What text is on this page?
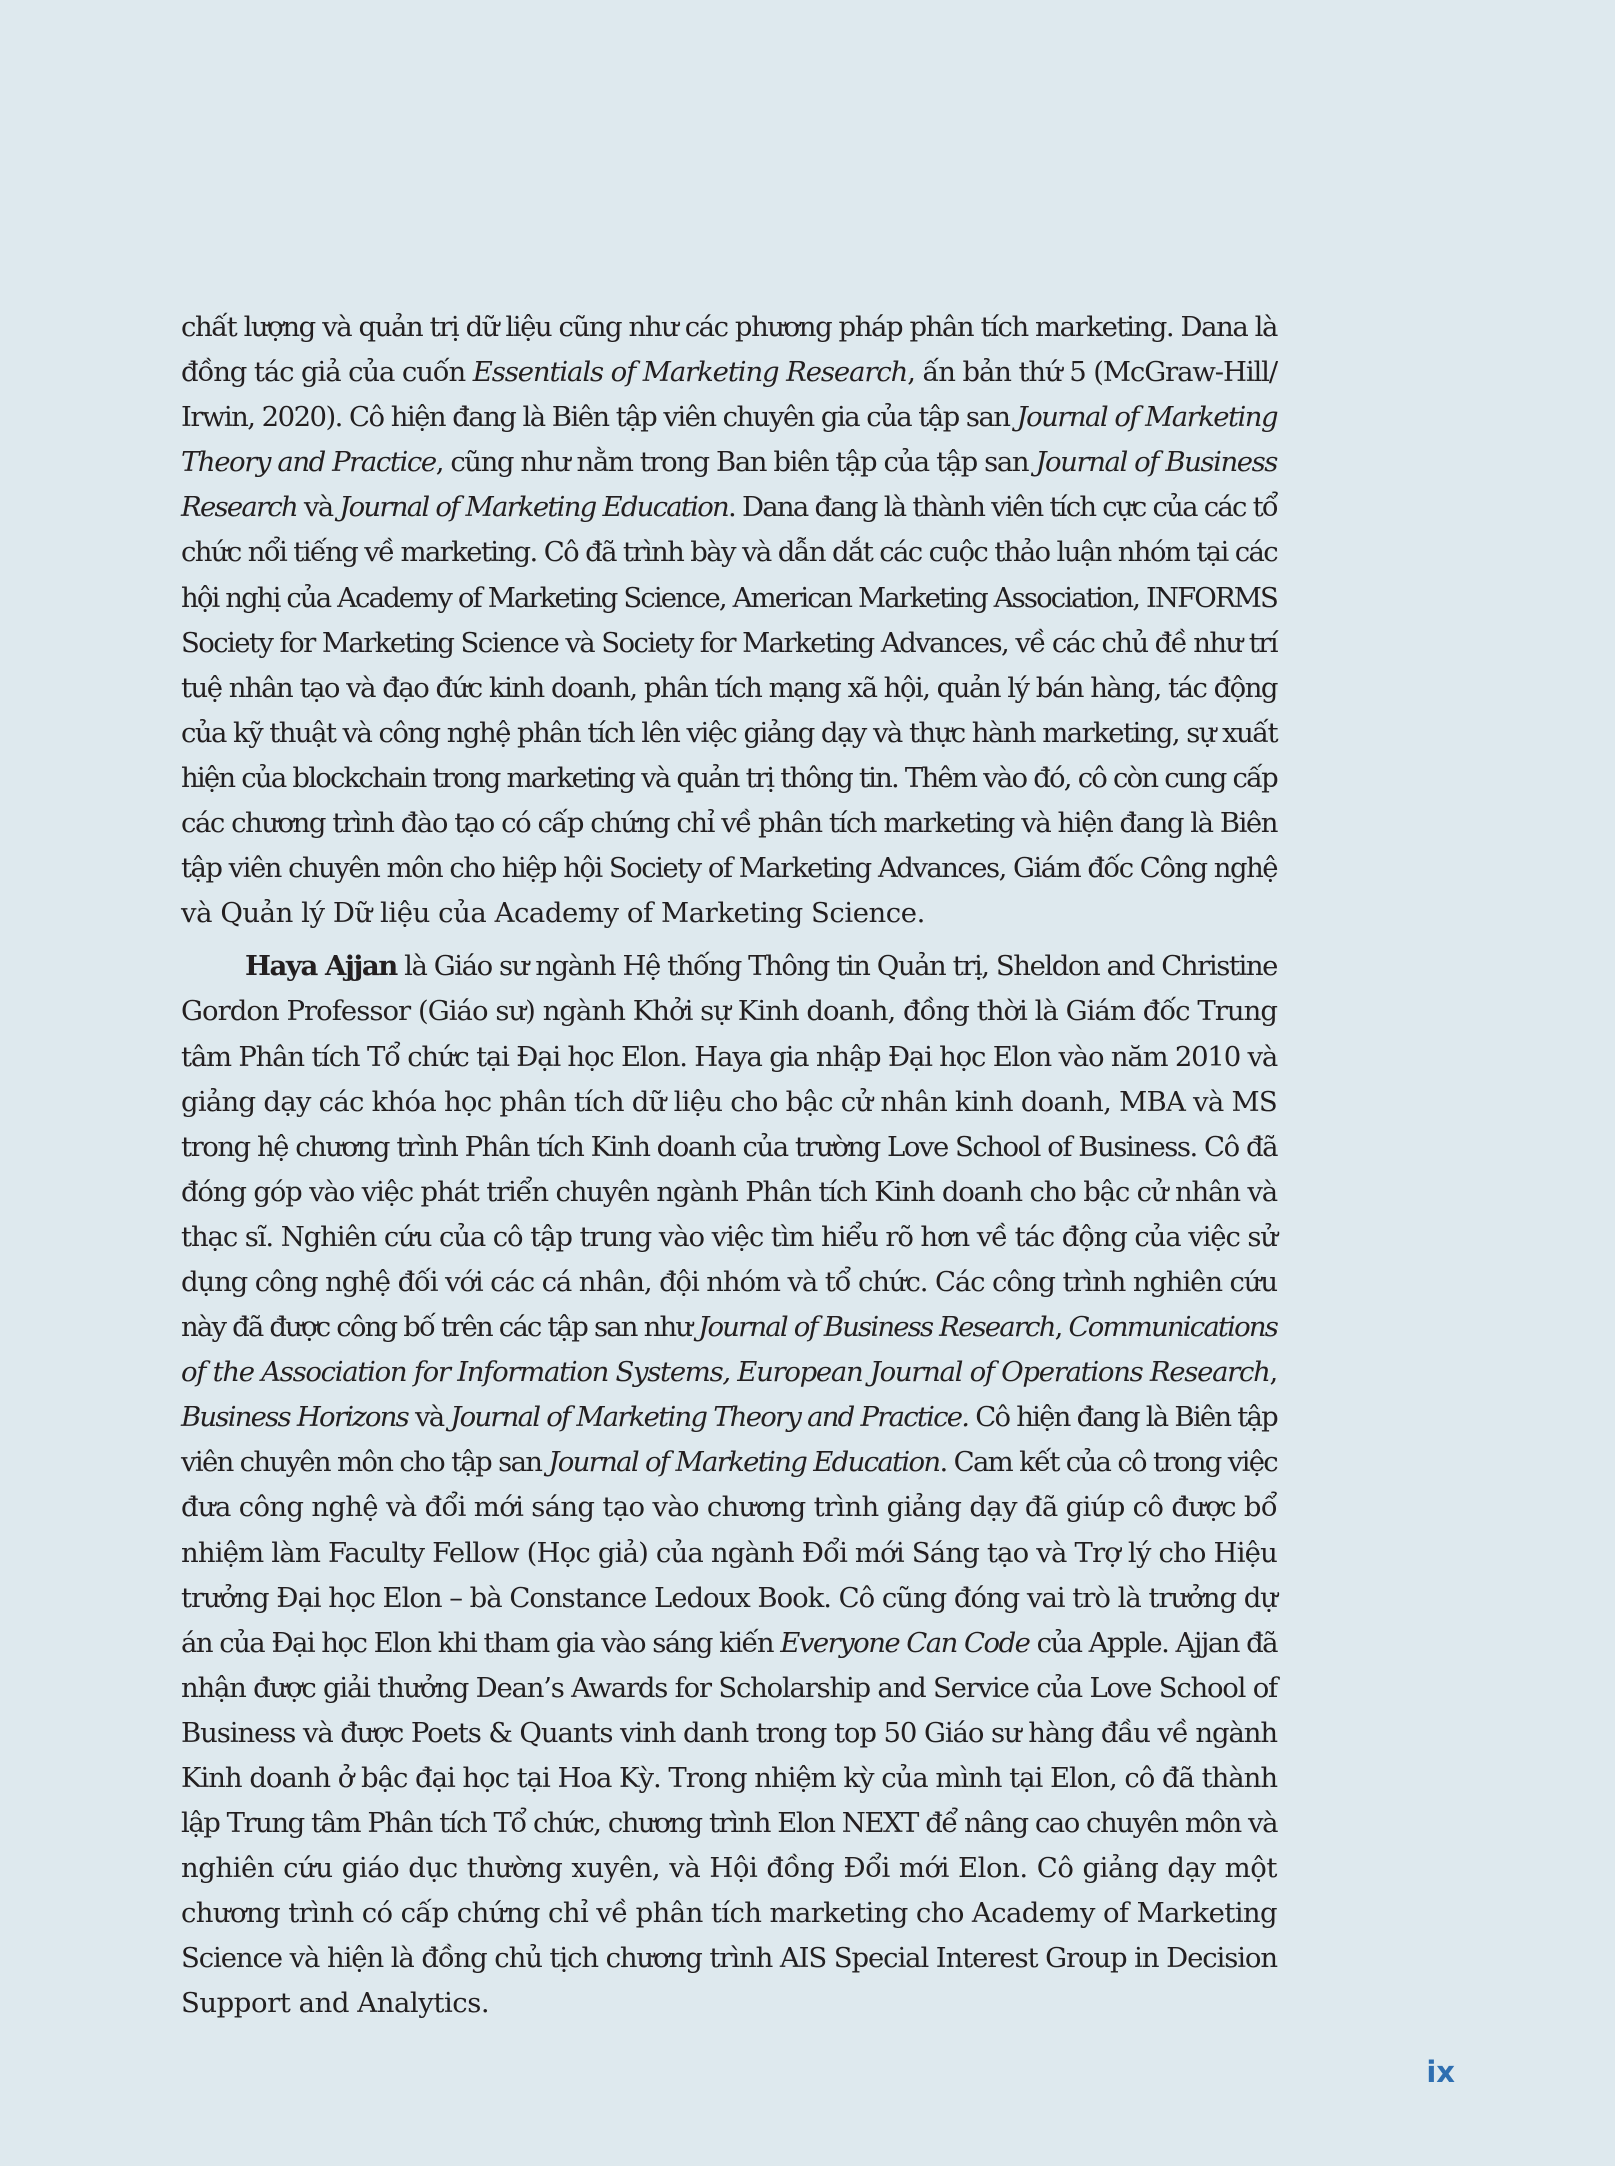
chất lượng và quản trị dữ liệu cũng như các phương pháp phân tích marketing. Dana là
đồng tác giả của cuốn Essentials of Marketing Research, ấn bản thứ 5 (McGraw-Hill/
Irwin, 2020). Cô hiện đang là Biên tập viên chuyên gia của tập san Journal of Marketing
Theory and Practice, cũng như nằm trong Ban biên tập của tập san Journal of Business
Research và Journal of Marketing Education. Dana đang là thành viên tích cực của các tổ
chức nổi tiếng về marketing. Cô đã trình bày và dẫn dắt các cuộc thảo luận nhóm tại các
hội nghị của Academy of Marketing Science, American Marketing Association, INFORMS
Society for Marketing Science và Society for Marketing Advances, về các chủ đề như trí
tuệ nhân tạo và đạo đức kinh doanh, phân tích mạng xã hội, quản lý bán hàng, tác động
của kỹ thuật và công nghệ phân tích lên việc giảng dạy và thực hành marketing, sự xuất
hiện của blockchain trong marketing và quản trị thông tin. Thêm vào đó, cô còn cung cấp
các chương trình đào tạo có cấp chứng chỉ về phân tích marketing và hiện đang là Biên
tập viên chuyên môn cho hiệp hội Society of Marketing Advances, Giám đốc Công nghệ
và Quản lý Dữ liệu của Academy of Marketing Science.
Haya Ajjan là Giáo sư ngành Hệ thống Thông tin Quản trị, Sheldon and Christine
Gordon Professor (Giáo sư) ngành Khởi sự Kinh doanh, đồng thời là Giám đốc Trung
tâm Phân tích Tổ chức tại Đại học Elon. Haya gia nhập Đại học Elon vào năm 2010 và
giảng dạy các khóa học phân tích dữ liệu cho bậc cử nhân kinh doanh, MBA và MS
trong hệ chương trình Phân tích Kinh doanh của trường Love School of Business. Cô đã
đóng góp vào việc phát triển chuyên ngành Phân tích Kinh doanh cho bậc cử nhân và
thạc sĩ. Nghiên cứu của cô tập trung vào việc tìm hiểu rõ hơn về tác động của việc sử
dụng công nghệ đối với các cá nhân, đội nhóm và tổ chức. Các công trình nghiên cứu
này đã được công bố trên các tập san như Journal of Business Research, Communications
of the Association for Information Systems, European Journal of Operations Research,
Business Horizons và Journal of Marketing Theory and Practice. Cô hiện đang là Biên tập
viên chuyên môn cho tập san Journal of Marketing Education. Cam kết của cô trong việc
đưa công nghệ và đổi mới sáng tạo vào chương trình giảng dạy đã giúp cô được bổ
nhiệm làm Faculty Fellow (Học giả) của ngành Đổi mới Sáng tạo và Trợ lý cho Hiệu
trưởng Đại học Elon – bà Constance Ledoux Book. Cô cũng đóng vai trò là trưởng dự
án của Đại học Elon khi tham gia vào sáng kiến Everyone Can Code của Apple. Ajjan đã
nhận được giải thưởng Dean’s Awards for Scholarship and Service của Love School of
Business và được Poets & Quants vinh danh trong top 50 Giáo sư hàng đầu về ngành
Kinh doanh ở bậc đại học tại Hoa Kỳ. Trong nhiệm kỳ của mình tại Elon, cô đã thành
lập Trung tâm Phân tích Tổ chức, chương trình Elon NEXT để nâng cao chuyên môn và
nghiên cứu giáo dục thường xuyên, và Hội đồng Đổi mới Elon. Cô giảng dạy một
chương trình có cấp chứng chỉ về phân tích marketing cho Academy of Marketing
Science và hiện là đồng chủ tịch chương trình AIS Special Interest Group in Decision
Support and Analytics.
ix
